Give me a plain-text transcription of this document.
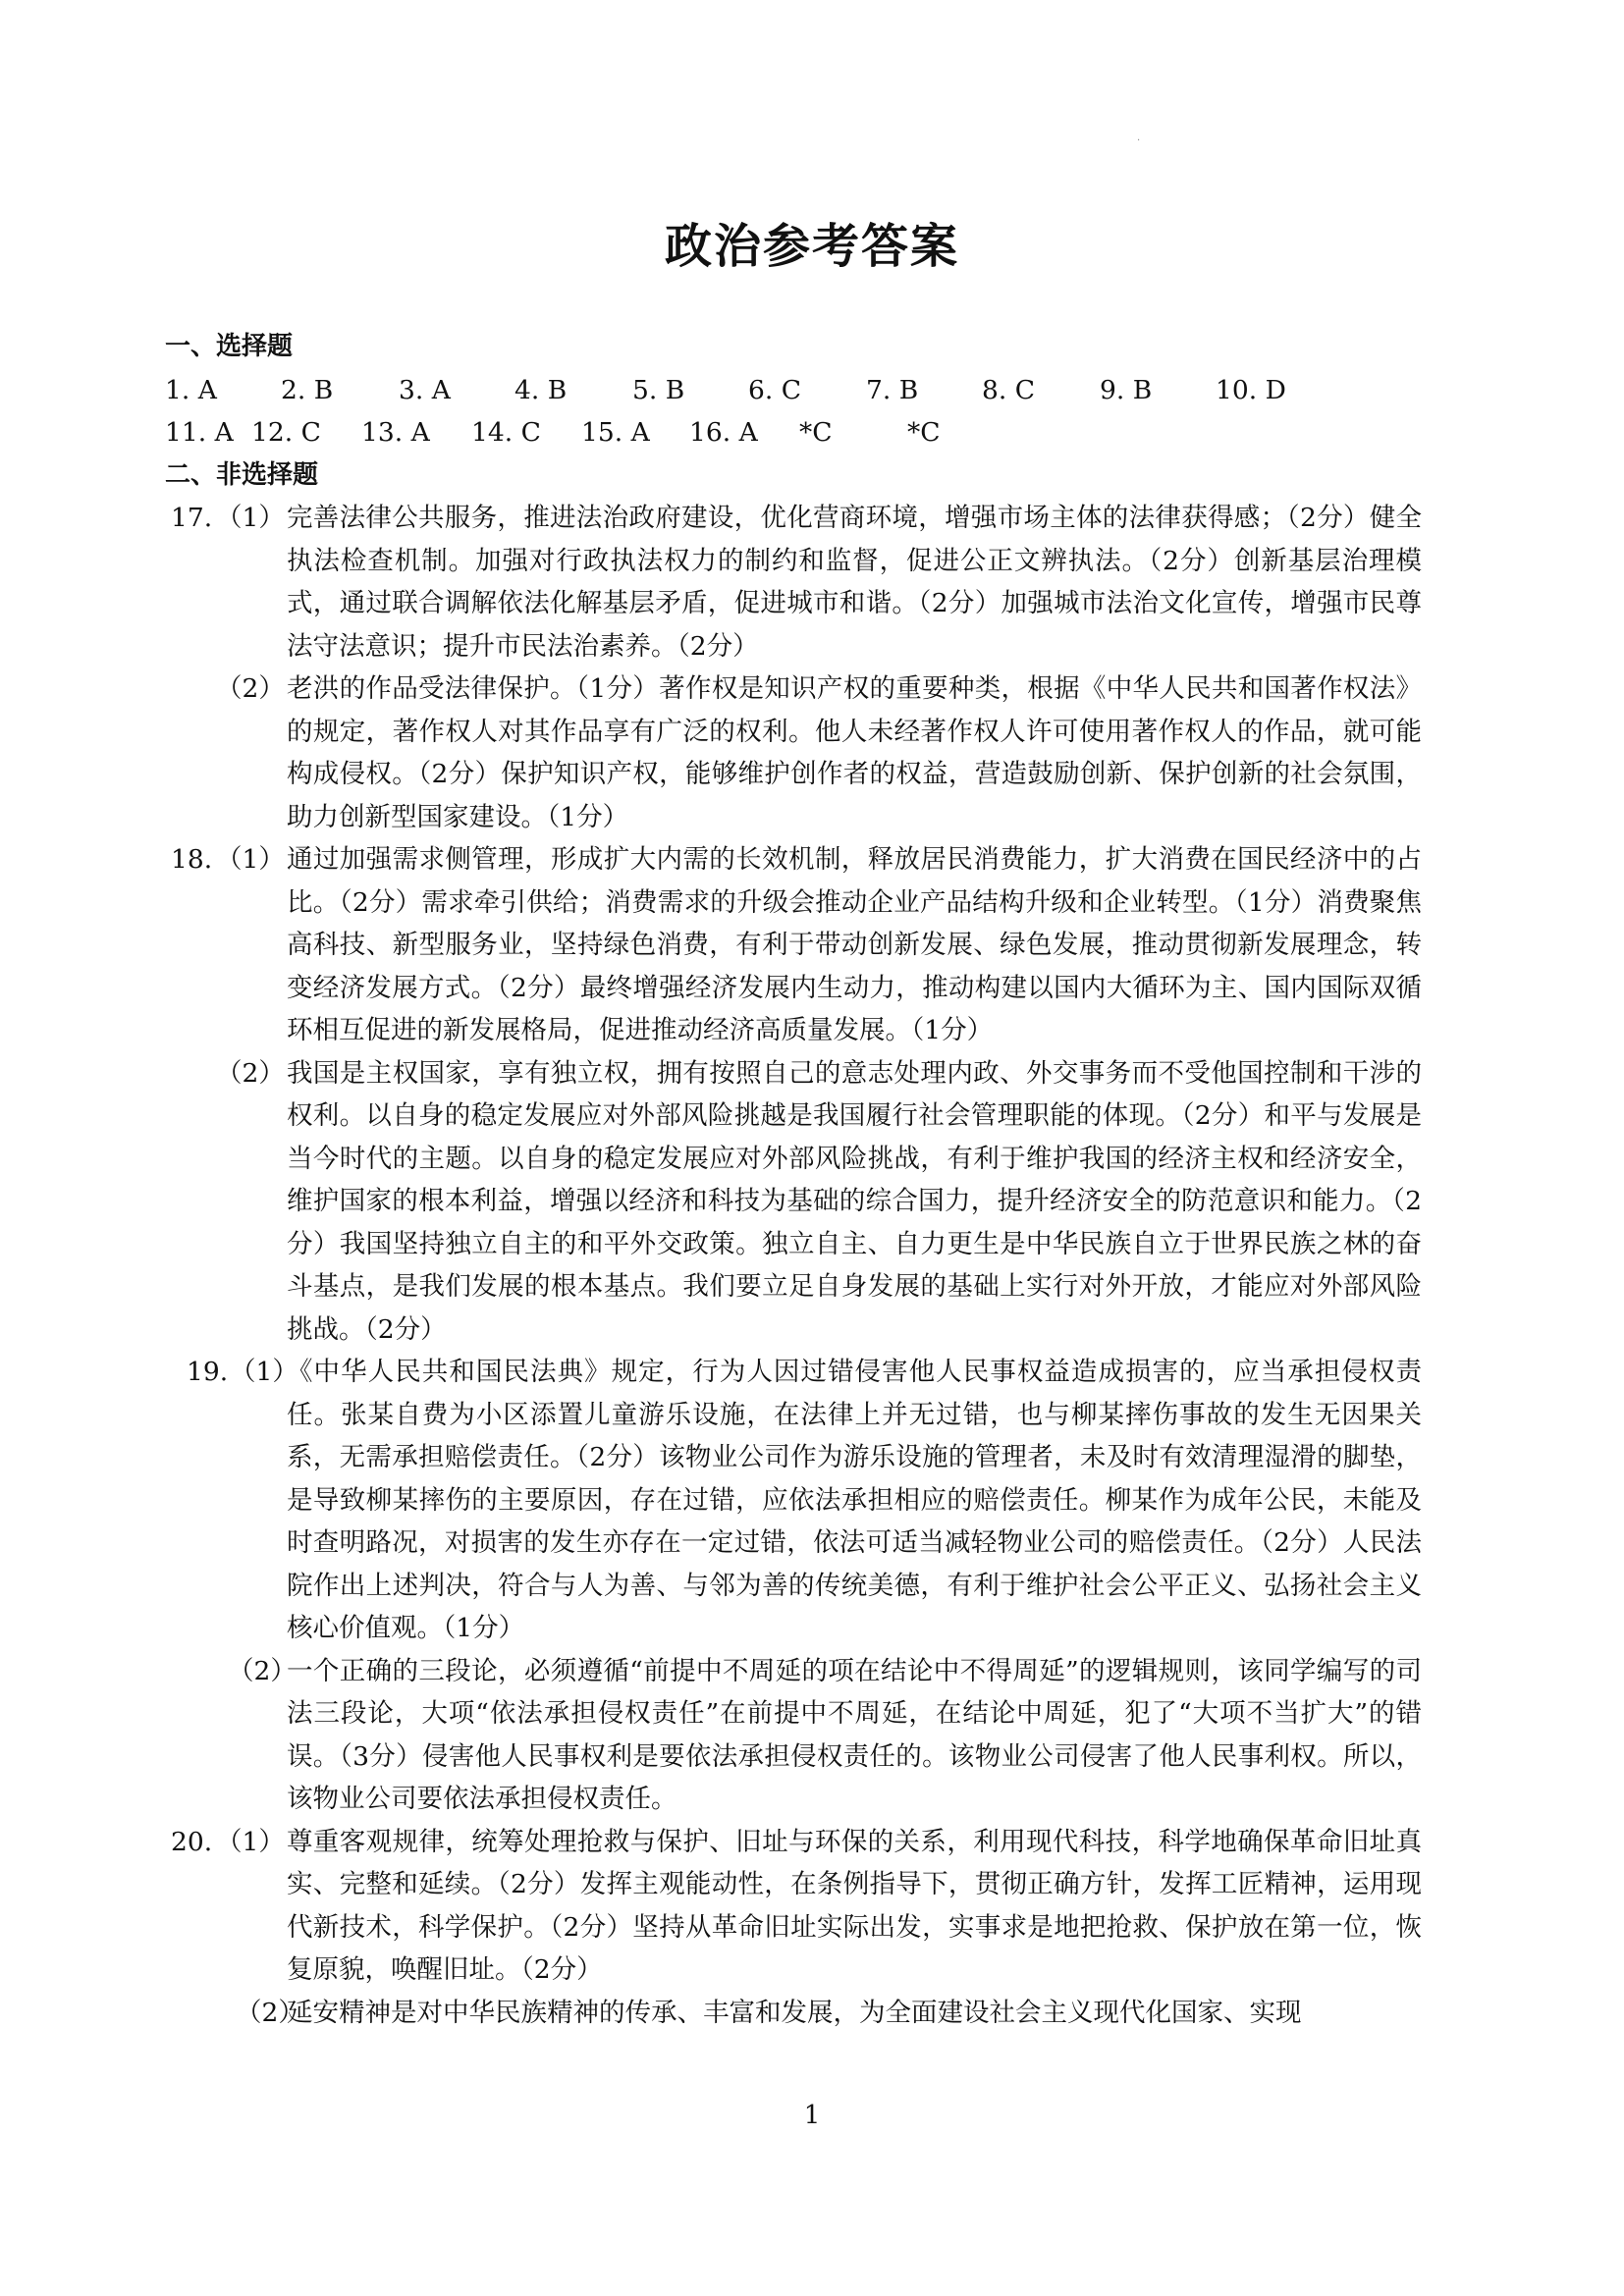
·
政治参考答案
一、选择题
1. A 2. B	3. A 4. B	5. B 6. C 7. B 8. C 9. B 10. D
11. A 12. C 13. A 14. C 15. A 16. A *C	*C
二、非选择题
17. （1） 完善法律公共服务，推进法治政府建设，优化营商环境，增强市场主体的法律获得感；（2分）健全执法检查机制。加强对行政执法权力的制约和监督，促进公正文辨执法。（2分）创新基层治理模式，通过联合调解依法化解基层矛盾，促进城市和谐。（2分）加强城市法治文化宣传，增强市民尊法守法意识；提升市民法治素养。（2分）
（2） 老洪的作品受法律保护。（1分）著作权是知识产权的重要种类，根据《中华人民共和国著作权法》的规定，著作权人对其作品享有广泛的权利。他人未经著作权人许可使用著作权人的作品，就可能构成侵权。（2分）保护知识产权，能够维护创作者的权益，营造鼓励创新、保护创新的社会氛围，助力创新型国家建设。（1分）
18. （1） 通过加强需求侧管理，形成扩大内需的长效机制，释放居民消费能力，扩大消费在国民经济中的占比。（2分）需求牵引供给；消费需求的升级会推动企业产品结构升级和企业转型。（1分）消费聚焦高科技、新型服务业，坚持绿色消费，有利于带动创新发展、绿色发展，推动贯彻新发展理念，转变经济发展方式。（2分）最终增强经济发展内生动力，推动构建以国内大循环为主、国内国际双循环相互促进的新发展格局，促进推动经济高质量发展。（1分）
（2） 我国是主权国家，享有独立权，拥有按照自己的意志处理内政、外交事务而不受他国控制和干涉的权利。以自身的稳定发展应对外部风险挑越是我国履行社会管理职能的体现。（2分）和平与发展是当今时代的主题。以自身的稳定发展应对外部风险挑战，有利于维护我国的经济主权和经济安全，维护国家的根本利益，增强以经济和科技为基础的综合国力，提升经济安全的防范意识和能力。（2分）我国坚持独立自主的和平外交政策。独立自主、自力更生是中华民族自立于世界民族之林的奋斗基点，是我们发展的根本基点。我们要立足自身发展的基础上实行对外开放，才能应对外部风险挑战。（2分）
19. （1）
《中华人民共和国民法典》规定，行为人因过错侵害他人民事权益造成损害的，应当承担侵权责任。张某自费为小区添置儿童游乐设施，在法律上并无过错，也与柳某摔伤事故的发生无因果关系，无需承担赔偿责任。（2分）该物业公司作为游乐设施的管理者，未及时有效清理湿滑的脚垫，是导致柳某摔伤的主要原因，存在过错，应依法承担相应的赔偿责任。柳某作为成年公民，未能及时查明路况，对损害的发生亦存在一定过错，依法可适当减轻物业公司的赔偿责任。（2分）人民法院作出上述判决，符合与人为善、与邻为善的传统美德，有利于维护社会公平正义、弘扬社会主义核心价值观。（1分）
（2）
一个正确的三段论，必须遵循“前提中不周延的项在结论中不得周延”的逻辑规则，该同学编写的司法三段论，大项“依法承担侵权责任”在前提中不周延，在结论中周延，犯了“大项不当扩大”的错误。（3分）侵害他人民事权利是要依法承担侵权责任的。该物业公司侵害了他人民事利权。所以，该物业公司要依法承担侵权责任。
20. （1） 尊重客观规律，统筹处理抢救与保护、旧址与环保的关系，利用现代科技，科学地确保革命旧址真实、完整和延续。（2分）发挥主观能动性，在条例指导下，贯彻正确方针，发挥工匠精神，运用现代新技术，科学保护。（2分）坚持从革命旧址实际出发，实事求是地把抢救、保护放在第一位，恢复原貌，唤醒旧址。（2分）
（2）
延安精神是对中华民族精神的传承、丰富和发展，为全面建设社会主义现代化国家、实现
1
